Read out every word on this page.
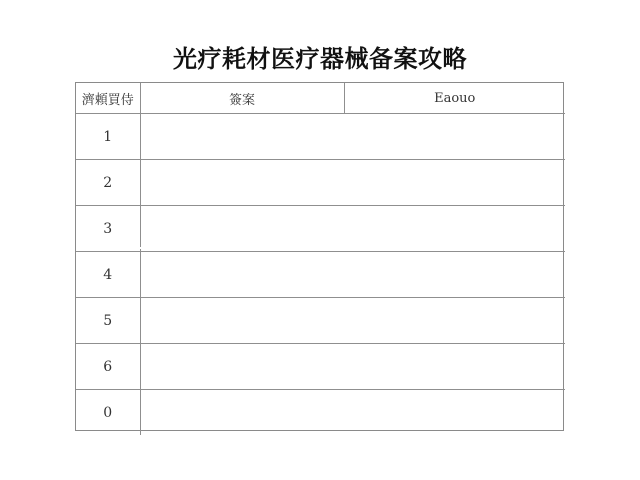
光疗耗材医疗器械备案攻略
濟頼買侍	簽案	Eaouo
1		
2		
3		
4		
5		
6		
0		
